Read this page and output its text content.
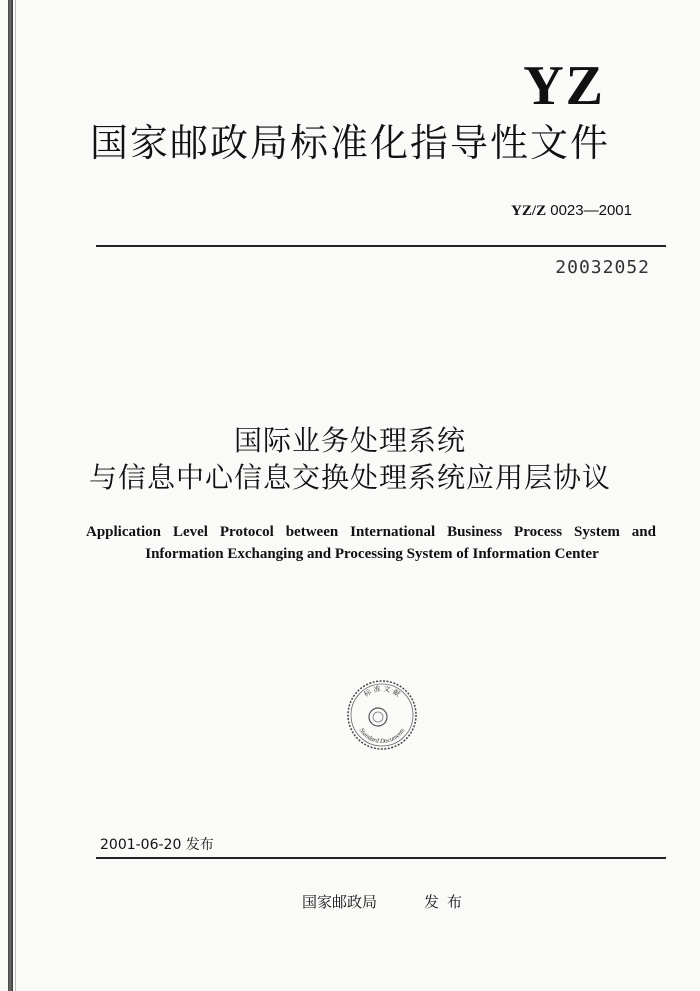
YZ
国家邮政局标准化指导性文件
YZ/Z 0023—2001
20032052
国际业务处理系统
与信息中心信息交换处理系统应用层协议
Application Level Protocol between International Business Process System and
Information Exchanging and Processing System of Information Center
标 准 文 献
Standard Documents
2001-06-20 发布
国家邮政局	发布
